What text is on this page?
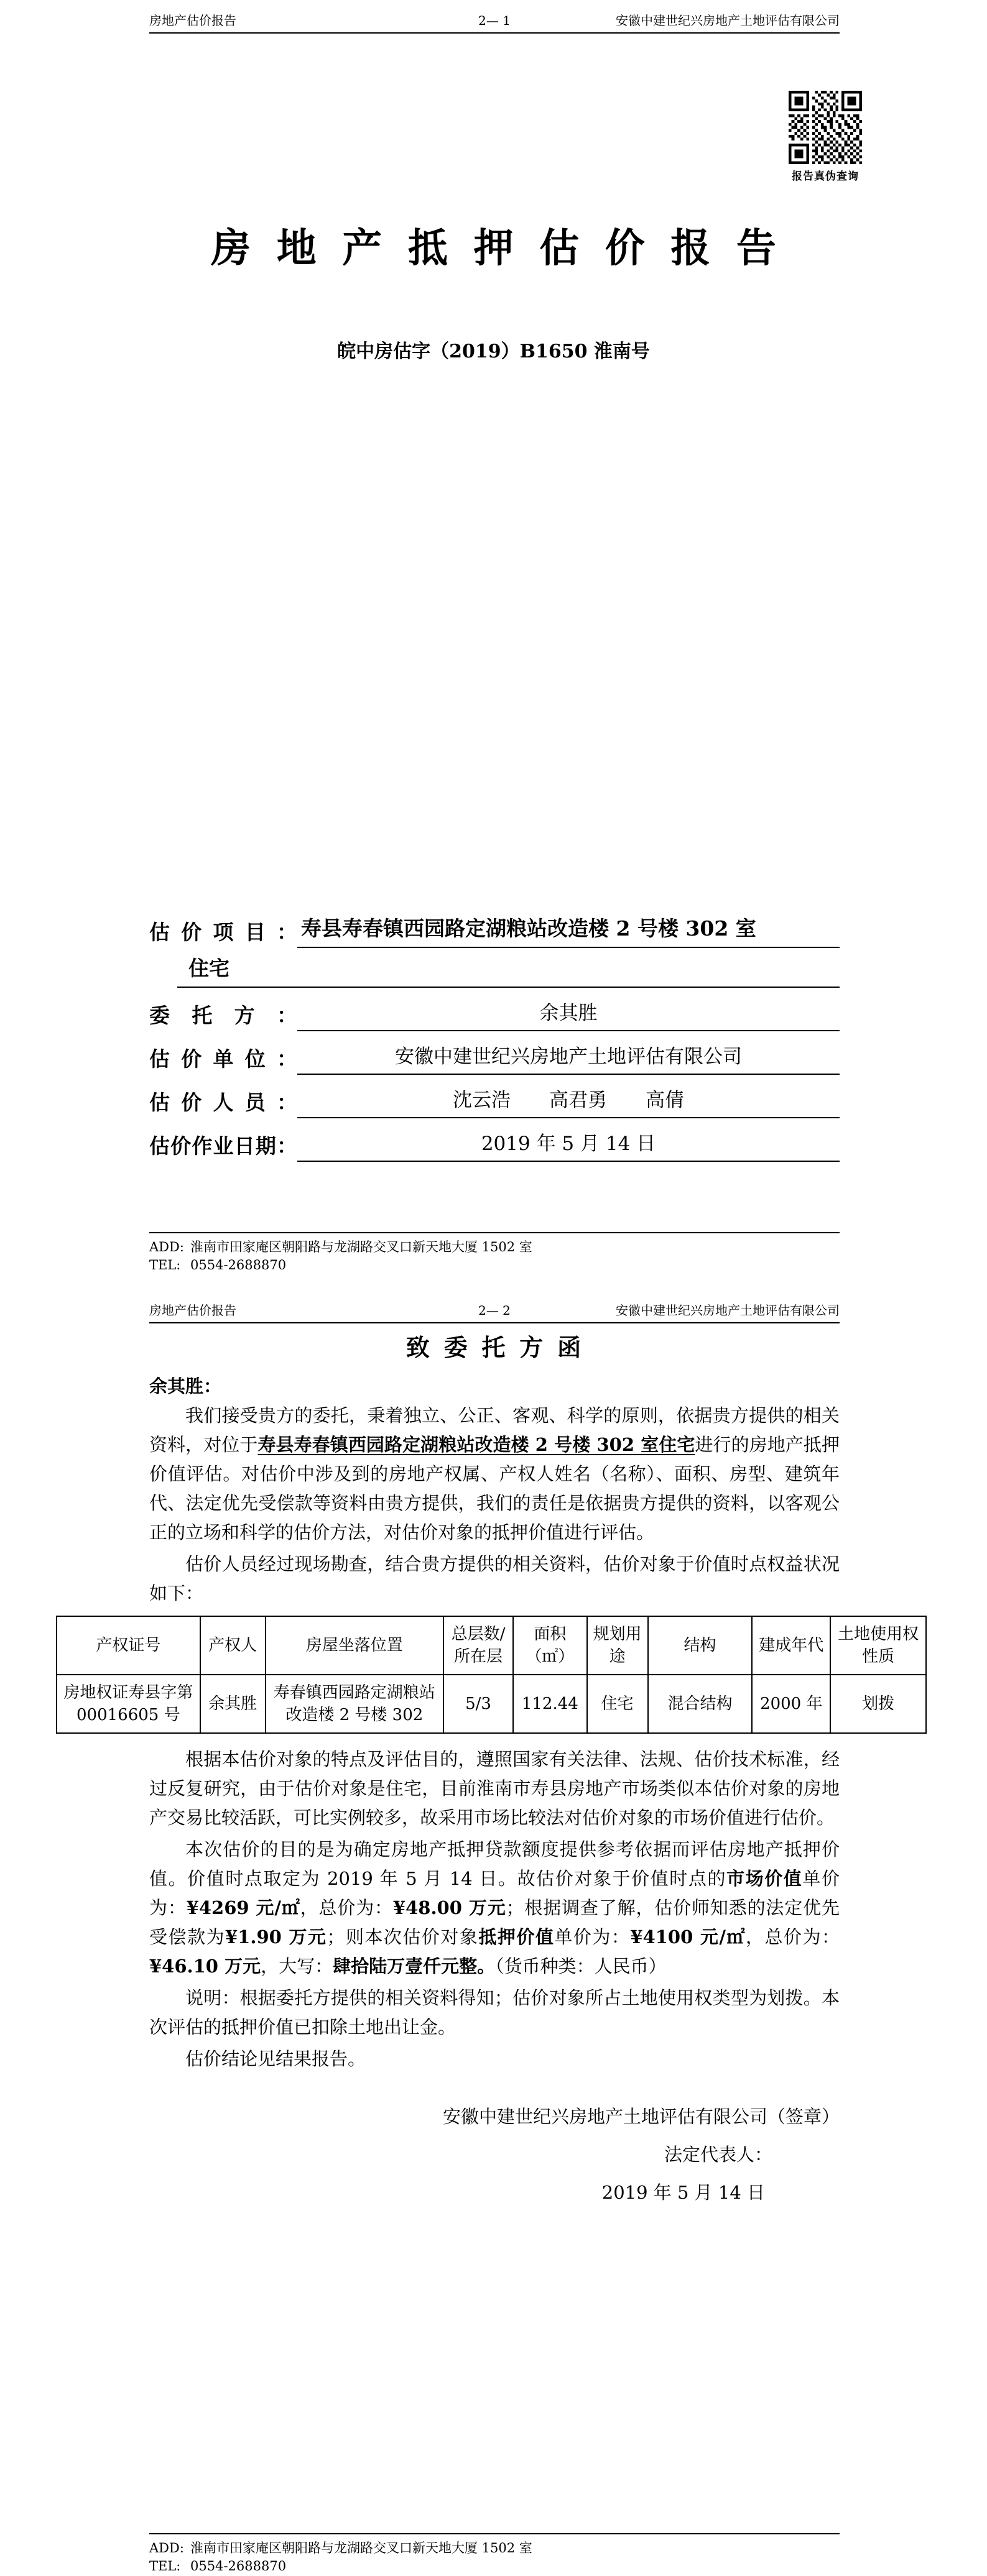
房地产估价报告	2— 1	安徽中建世纪兴房地产土地评估有限公司
报告真伪查询
房地产抵押估价报告
皖中房估字（2019）B1650 淮南号
估价项目： 寿县寿春镇西园路定湖粮站改造楼 2 号楼 302 室
住宅
委托方：	余其胜
估价单位：	安徽中建世纪兴房地产土地评估有限公司
估价人员：	沈云浩　　高君勇　　高倩
估价作业日期：	2019 年 5 月 14 日
ADD: 淮南市田家庵区朝阳路与龙湖路交叉口新天地大厦 1502 室
TEL: 0554-2688870
房地产估价报告	2— 2	安徽中建世纪兴房地产土地评估有限公司
致委托方函
余其胜：

我们接受贵方的委托，秉着独立、公正、客观、科学的原则，依据贵方提供的相关资料，对位于寿县寿春镇西园路定湖粮站改造楼 2 号楼 302 室住宅进行的房地产抵押价值评估。对估价中涉及到的房地产权属、产权人姓名（名称）、面积、房型、建筑年代、法定优先受偿款等资料由贵方提供，我们的责任是依据贵方提供的资料，以客观公正的立场和科学的估价方法，对估价对象的抵押价值进行评估。

估价人员经过现场勘查，结合贵方提供的相关资料，估价对象于价值时点权益状况如下：

产权证号	产权人	房屋坐落位置	总层数/所在层	面积（㎡）	规划用途	结构	建成年代	土地使用权性质
房地权证寿县字第00016605 号	余其胜	寿春镇西园路定湖粮站改造楼 2 号楼 302	5/3	112.44	住宅	混合结构	2000 年	划拨

根据本估价对象的特点及评估目的，遵照国家有关法律、法规、估价技术标准，经过反复研究，由于估价对象是住宅，目前淮南市寿县房地产市场类似本估价对象的房地产交易比较活跃，可比实例较多，故采用市场比较法对估价对象的市场价值进行估价。

本次估价的目的是为确定房地产抵押贷款额度提供参考依据而评估房地产抵押价值。价值时点取定为 2019 年 5 月 14 日。故估价对象于价值时点的市场价值单价为：¥4269 元/㎡，总价为：¥48.00 万元；根据调查了解，估价师知悉的法定优先受偿款为¥1.90 万元；则本次估价对象抵押价值单价为：¥4100 元/㎡，总价为：¥46.10 万元，大写：肆拾陆万壹仟元整。（货币种类：人民币）

说明：根据委托方提供的相关资料得知；估价对象所占土地使用权类型为划拨。本次评估的抵押价值已扣除土地出让金。

估价结论见结果报告。

安徽中建世纪兴房地产土地评估有限公司（签章）
法定代表人：
2019 年 5 月 14 日
ADD: 淮南市田家庵区朝阳路与龙湖路交叉口新天地大厦 1502 室
TEL: 0554-2688870
